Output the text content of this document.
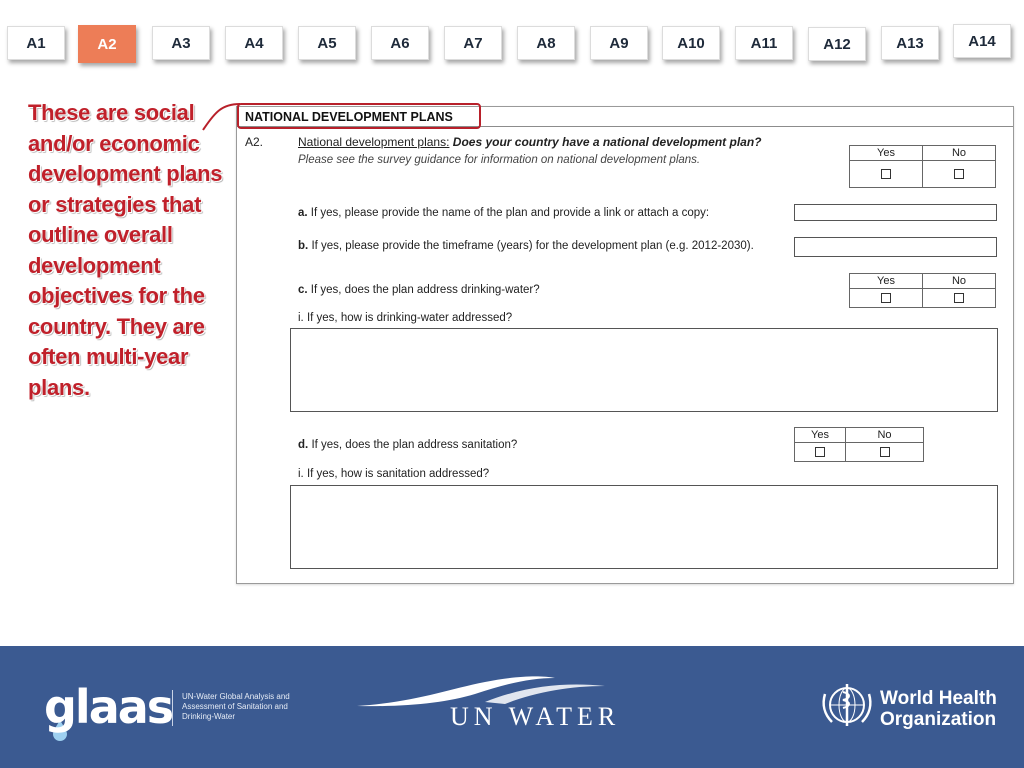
A1	A2	A3	A4	A5	A6	A7	A8	A9	A10	A11	A12	A13	A14
These are social and/or economic development plans or strategies that outline overall development objectives for the country. They are often multi-year plans.
NATIONAL DEVELOPMENT PLANS
A2.	National development plans: Does your country have a national development plan?
Please see the survey guidance for information on national development plans.
Yes	No

a. If yes, please provide the name of the plan and provide a link or attach a copy:
b. If yes, please provide the timeframe (years) for the development plan (e.g. 2012-2030).
c. If yes, does the plan address drinking-water?
Yes	No

i. If yes, how is drinking-water addressed?
d. If yes, does the plan address sanitation?
Yes	No

i. If yes, how is sanitation addressed?
glaas UN-Water Global Analysis and Assessment of Sanitation and Drinking-Water	UN WATER
World Health
Organization
